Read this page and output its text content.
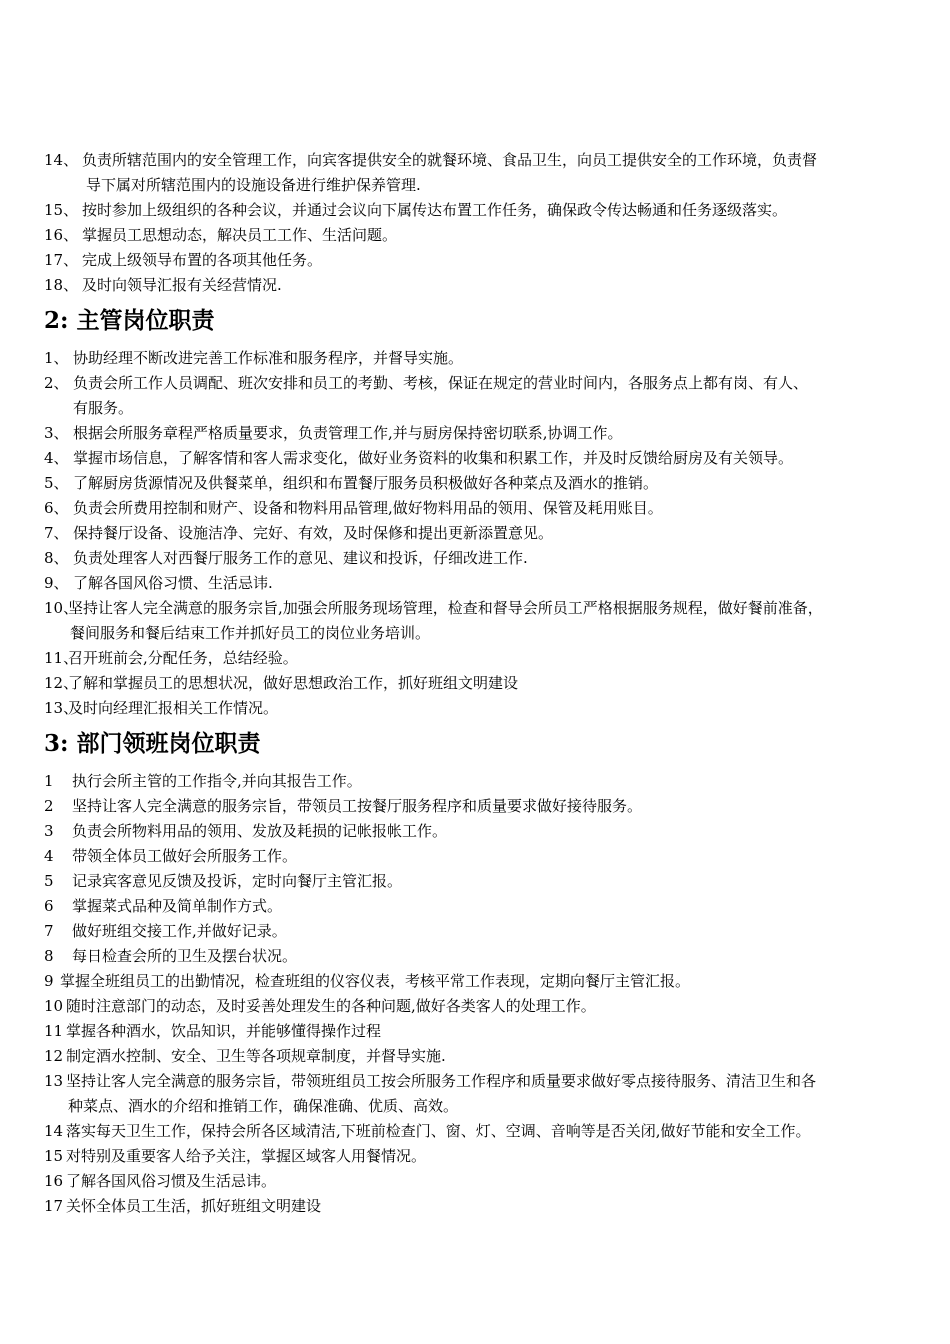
14、 负责所辖范围内的安全管理工作，向宾客提供安全的就餐环境、食品卫生，向员工提供安全的工作环境，负责督
导下属对所辖范围内的设施设备进行维护保养管理.
15、 按时参加上级组织的各种会议，并通过会议向下属传达布置工作任务，确保政令传达畅通和任务逐级落实。
16、 掌握员工思想动态，解决员工工作、生活问题。
17、 完成上级领导布置的各项其他任务。
18、 及时向领导汇报有关经营情况.
2: 主管岗位职责
1、 协助经理不断改进完善工作标准和服务程序，并督导实施。
2、 负责会所工作人员调配、班次安排和员工的考勤、考核，保证在规定的营业时间内，各服务点上都有岗、有人、
有服务。
3、 根据会所服务章程严格质量要求，负责管理工作,并与厨房保持密切联系,协调工作。
4、 掌握市场信息，了解客情和客人需求变化，做好业务资料的收集和积累工作，并及时反馈给厨房及有关领导。
5、 了解厨房货源情况及供餐菜单，组织和布置餐厅服务员积极做好各种菜点及酒水的推销。
6、 负责会所费用控制和财产、设备和物料用品管理,做好物料用品的领用、保管及耗用账目。
7、 保持餐厅设备、设施洁净、完好、有效，及时保修和提出更新添置意见。
8、 负责处理客人对西餐厅服务工作的意见、建议和投诉，仔细改进工作.
9、 了解各国风俗习惯、生活忌讳.
10、坚持让客人完全满意的服务宗旨,加强会所服务现场管理，检查和督导会所员工严格根据服务规程，做好餐前准备，
餐间服务和餐后结束工作并抓好员工的岗位业务培训。
11、召开班前会,分配任务，总结经验。
12、了解和掌握员工的思想状况，做好思想政治工作，抓好班组文明建设
13、及时向经理汇报相关工作情况。
3: 部门领班岗位职责
1 执行会所主管的工作指令,并向其报告工作。
2 坚持让客人完全满意的服务宗旨，带领员工按餐厅服务程序和质量要求做好接待服务。
3 负责会所物料用品的领用、发放及耗损的记帐报帐工作。
4 带领全体员工做好会所服务工作。
5 记录宾客意见反馈及投诉，定时向餐厅主管汇报。
6 掌握菜式品种及简单制作方式。
7 做好班组交接工作,并做好记录。
8 每日检查会所的卫生及摆台状况。
9 掌握全班组员工的出勤情况，检查班组的仪容仪表，考核平常工作表现，定期向餐厅主管汇报。
10 随时注意部门的动态，及时妥善处理发生的各种问题,做好各类客人的处理工作。
11 掌握各种酒水，饮品知识，并能够懂得操作过程
12 制定酒水控制、安全、卫生等各项规章制度，并督导实施.
13 坚持让客人完全满意的服务宗旨，带领班组员工按会所服务工作程序和质量要求做好零点接待服务、清洁卫生和各
种菜点、酒水的介绍和推销工作，确保准确、优质、高效。
14 落实每天卫生工作，保持会所各区域清洁,下班前检查门、窗、灯、空调、音响等是否关闭,做好节能和安全工作。
15 对特别及重要客人给予关注，掌握区域客人用餐情况。
16 了解各国风俗习惯及生活忌讳。
17 关怀全体员工生活，抓好班组文明建设
